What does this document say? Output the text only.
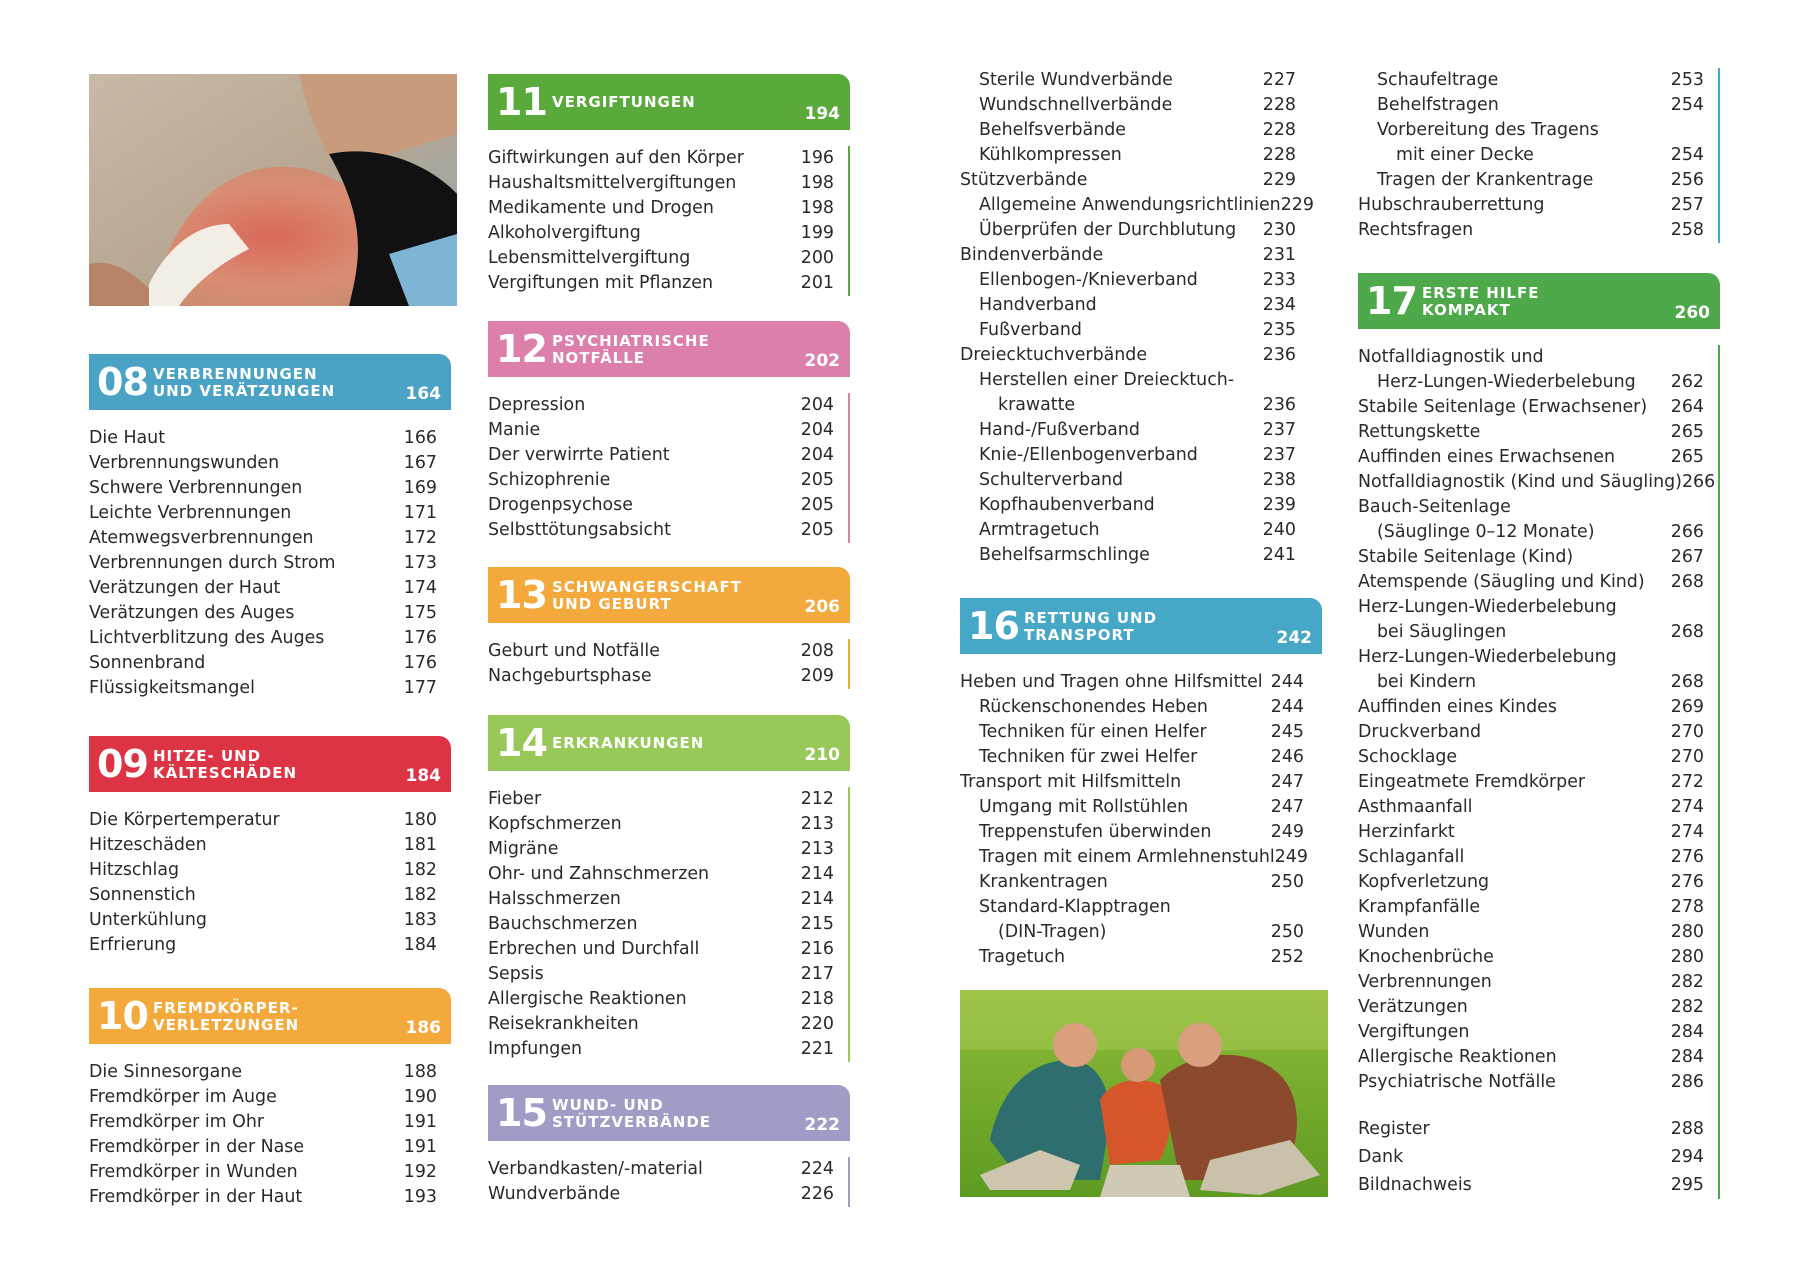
08 VERBRENNUNGEN
UND VERÄTZUNGEN	164
Die Haut	166
Verbrennungswunden	167
Schwere Verbrennungen	169
Leichte Verbrennungen	171
Atemwegsverbrennungen	172
Verbrennungen durch Strom	173
Verätzungen der Haut	174
Verätzungen des Auges	175
Lichtverblitzung des Auges	176
Sonnenbrand	176
Flüssigkeitsmangel	177
09 HITZE- UND
KÄLTESCHÄDEN	184
Die Körpertemperatur	180
Hitzeschäden	181
Hitzschlag	182
Sonnenstich	182
Unterkühlung	183
Erfrierung	184
10 FREMDKÖRPER-
VERLETZUNGEN	186
Die Sinnesorgane	188
Fremdkörper im Auge	190
Fremdkörper im Ohr	191
Fremdkörper in der Nase	191
Fremdkörper in Wunden	192
Fremdkörper in der Haut	193
11 VERGIFTUNGEN
194
Giftwirkungen auf den Körper	196
Haushaltsmittelvergiftungen	198
Medikamente und Drogen	198
Alkoholvergiftung	199
Lebensmittelvergiftung	200
Vergiftungen mit Pflanzen	201
12 PSYCHIATRISCHE
NOTFÄLLE	202
Depression	204
Manie	204
Der verwirrte Patient	204
Schizophrenie	205
Drogenpsychose	205
Selbsttötungsabsicht	205
13 SCHWANGERSCHAFT
UND GEBURT	206
Geburt und Notfälle	208
Nachgeburtsphase	209
14 ERKRANKUNGEN
210
Fieber	212
Kopfschmerzen	213
Migräne	213
Ohr- und Zahnschmerzen	214
Halsschmerzen	214
Bauchschmerzen	215
Erbrechen und Durchfall	216
Sepsis	217
Allergische Reaktionen	218
Reisekrankheiten	220
Impfungen	221
15 WUND- UND
STÜTZVERBÄNDE	222
Verbandkasten/-material	224
Wundverbände	226
Sterile Wundverbände	227
Wundschnellverbände	228
Behelfsverbände	228
Kühlkompressen	228
Stützverbände	229
Allgemeine Anwendungsrichtlinien 229
Überprüfen der Durchblutung	230
Bindenverbände	231
Ellenbogen-/Knieverband	233
Handverband	234
Fußverband	235
Dreiecktuchverbände	236
Herstellen einer Dreiecktuch-
krawatte	236
Hand-/Fußverband	237
Knie-/Ellenbogenverband	237
Schulterverband	238
Kopfhaubenverband	239
Armtragetuch	240
Behelfsarmschlinge	241
16 RETTUNG UND
TRANSPORT	242
Heben und Tragen ohne Hilfsmittel 244
Rückenschonendes Heben	244
Techniken für einen Helfer	245
Techniken für zwei Helfer	246
Transport mit Hilfsmitteln	247
Umgang mit Rollstühlen	247
Treppenstufen überwinden	249
Tragen mit einem Armlehnenstuhl 249
Krankentragen	250
Standard-Klapptragen
(DIN-Tragen)	250
Tragetuch	252
Schaufeltrage	253
Behelfstragen	254
Vorbereitung des Tragens
mit einer Decke	254
Tragen der Krankentrage	256
Hubschrauberrettung	257
Rechtsfragen	258
17 ERSTE HILFE
KOMPAKT	260
Notfalldiagnostik und
Herz-Lungen-Wiederbelebung	262
Stabile Seitenlage (Erwachsener)	264
Rettungskette	265
Auffinden eines Erwachsenen	265
Notfalldiagnostik (Kind und Säugling) 266
Bauch-Seitenlage
(Säuglinge 0–12 Monate)	266
Stabile Seitenlage (Kind)	267
Atemspende (Säugling und Kind)	268
Herz-Lungen-Wiederbelebung
bei Säuglingen	268
Herz-Lungen-Wiederbelebung
bei Kindern	268
Auffinden eines Kindes	269
Druckverband	270
Schocklage	270
Eingeatmete Fremdkörper	272
Asthmaanfall	274
Herzinfarkt	274
Schlaganfall	276
Kopfverletzung	276
Krampfanfälle	278
Wunden	280
Knochenbrüche	280
Verbrennungen	282
Verätzungen	282
Vergiftungen	284
Allergische Reaktionen	284
Psychiatrische Notfälle	286
Register	288
Dank	294
Bildnachweis	295
